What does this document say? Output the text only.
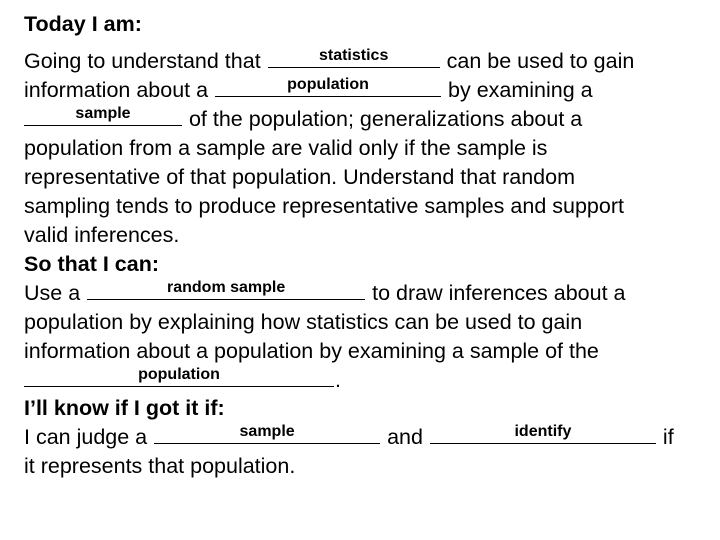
Today I am:
Going to understand that	statistics	can be used to gain
information about a	population	by examining a
sample	of the population; generalizations about a
population from a sample are valid only if the sample is
representative of that population. Understand that random
sampling tends to produce representative samples and support
valid inferences.
So that I can:
Use a	random sample	to draw inferences about a
population by explaining how statistics can be used to gain
information about a population by examining a sample of the
population	.
I’ll know if I got it if:
I can judge a	sample	and	identify	if
it represents that population.
